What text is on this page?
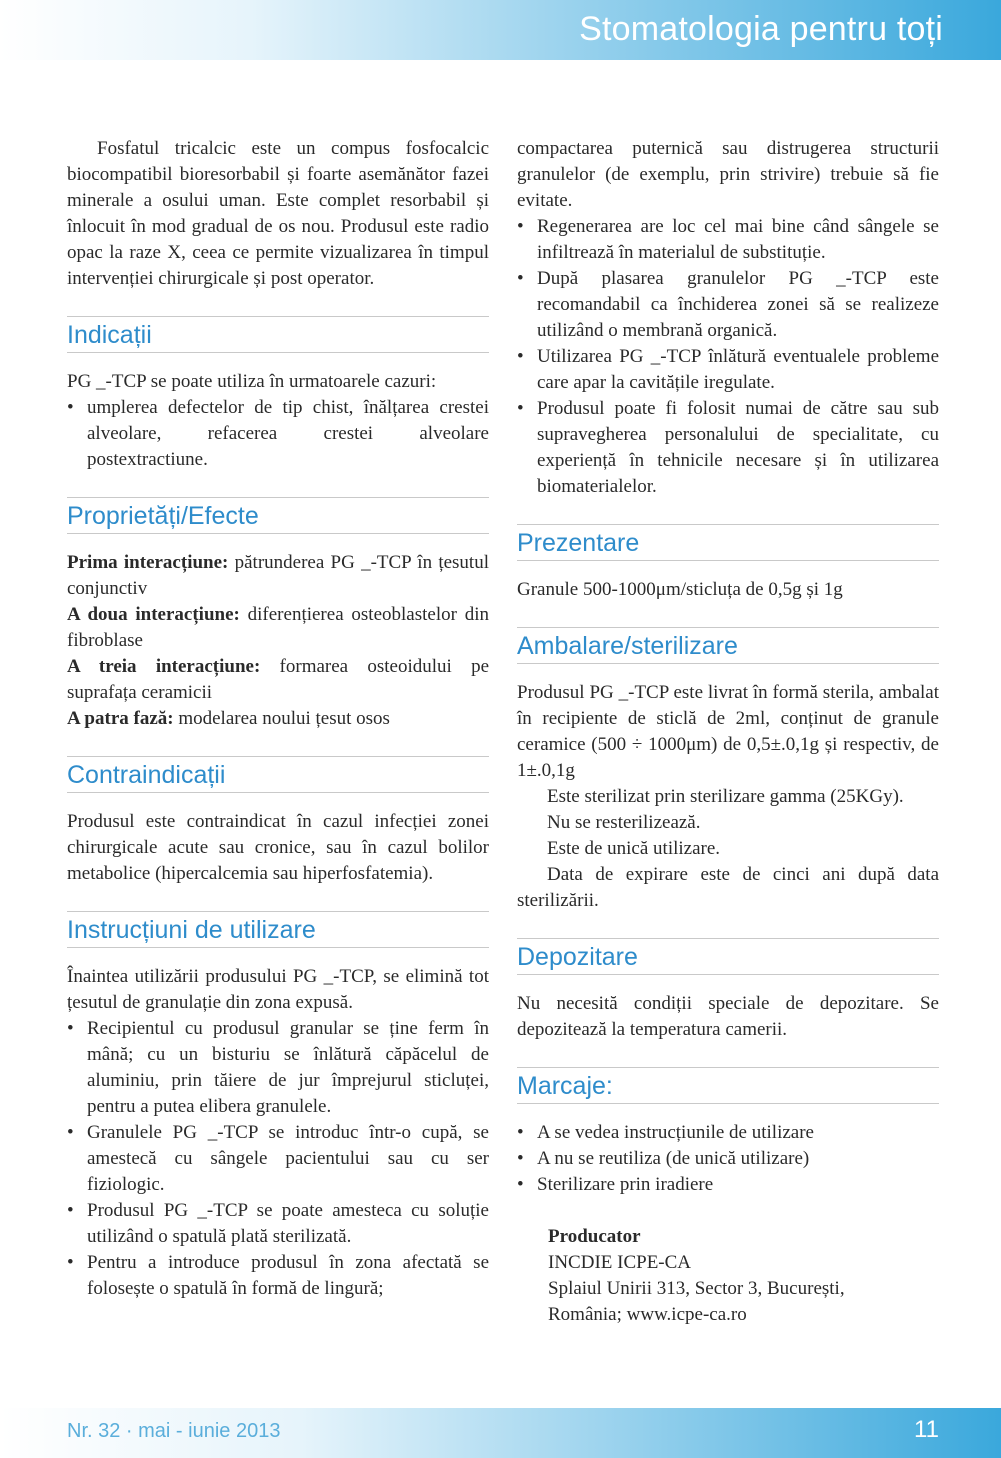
Stomatologia pentru toți

Fosfatul tricalcic este un compus fosfocalcic biocompatibil bioresorbabil și foarte asemănător fazei minerale a osului uman. Este complet resorbabil și înlocuit în mod gradual de os nou. Produsul este radio opac la raze X, ceea ce permite vizualizarea în timpul intervenției chirurgicale și post operator.

Indicații

PG _-TCP se poate utiliza în urmatoarele cazuri:

• umplerea defectelor de tip chist, înălțarea crestei alveolare, refacerea crestei alveolare postextractiune.
Proprietăți/Efecte

Prima interacțiune: pătrunderea PG _-TCP în țesutul conjunctiv

A doua interacțiune: diferențierea osteoblastelor din fibroblase

A treia interacțiune: formarea osteoidului pe suprafața ceramicii

A patra fază: modelarea noului țesut osos

Contraindicații

Produsul este contraindicat în cazul infecției zonei chirurgicale acute sau cronice, sau în cazul bolilor metabolice (hipercalcemia sau hiperfosfatemia).

Instrucțiuni de utilizare

Înaintea utilizării produsului PG _-TCP, se elimină tot țesutul de granulație din zona expusă.

• Recipientul cu produsul granular se ține ferm în mână; cu un bisturiu se înlătură căpăcelul de aluminiu, prin tăiere de jur împrejurul sticluței, pentru a putea elibera granulele.
• Granulele PG _-TCP se introduc într-o cupă, se amestecă cu sângele pacientului sau cu ser fiziologic.
• Produsul PG _-TCP se poate amesteca cu soluție utilizând o spatulă plată sterilizată.
• Pentru a introduce produsul în zona afectată se folosește o spatulă în formă de lingură;

compactarea puternică sau distrugerea structurii granulelor (de exemplu, prin strivire) trebuie să fie evitate.

• Regenerarea are loc cel mai bine când sângele se infiltrează în materialul de substituție.
• După plasarea granulelor PG _-TCP este recomandabil ca închiderea zonei să se realizeze utilizând o membrană organică.
• Utilizarea PG _-TCP înlătură eventualele probleme care apar la cavitățile iregulate.
• Produsul poate fi folosit numai de către sau sub supravegherea personalului de specialitate, cu experiență în tehnicile necesare și în utilizarea biomaterialelor.
Prezentare

Granule 500-1000μm/sticluța de 0,5g și 1g

Ambalare/sterilizare

Produsul PG _-TCP este livrat în formă sterila, ambalat în recipiente de sticlă de 2ml, conținut de granule ceramice (500 ÷ 1000μm) de 0,5±.0,1g și respectiv, de 1±.0,1g

Este sterilizat prin sterilizare gamma (25KGy).

Nu se resterilizează.

Este de unică utilizare.

Data de expirare este de cinci ani după data sterilizării.

Depozitare

Nu necesită condiții speciale de depozitare. Se depozitează la temperatura camerii.

Marcaje:
• A se vedea instrucțiunile de utilizare
• A nu se reutiliza (de unică utilizare)
• Sterilizare prin iradiere

Producator

INCDIE ICPE-CA

Splaiul Unirii 313, Sector 3, București,

România; www.icpe-ca.ro

Nr. 32 · mai - iunie 2013	11
